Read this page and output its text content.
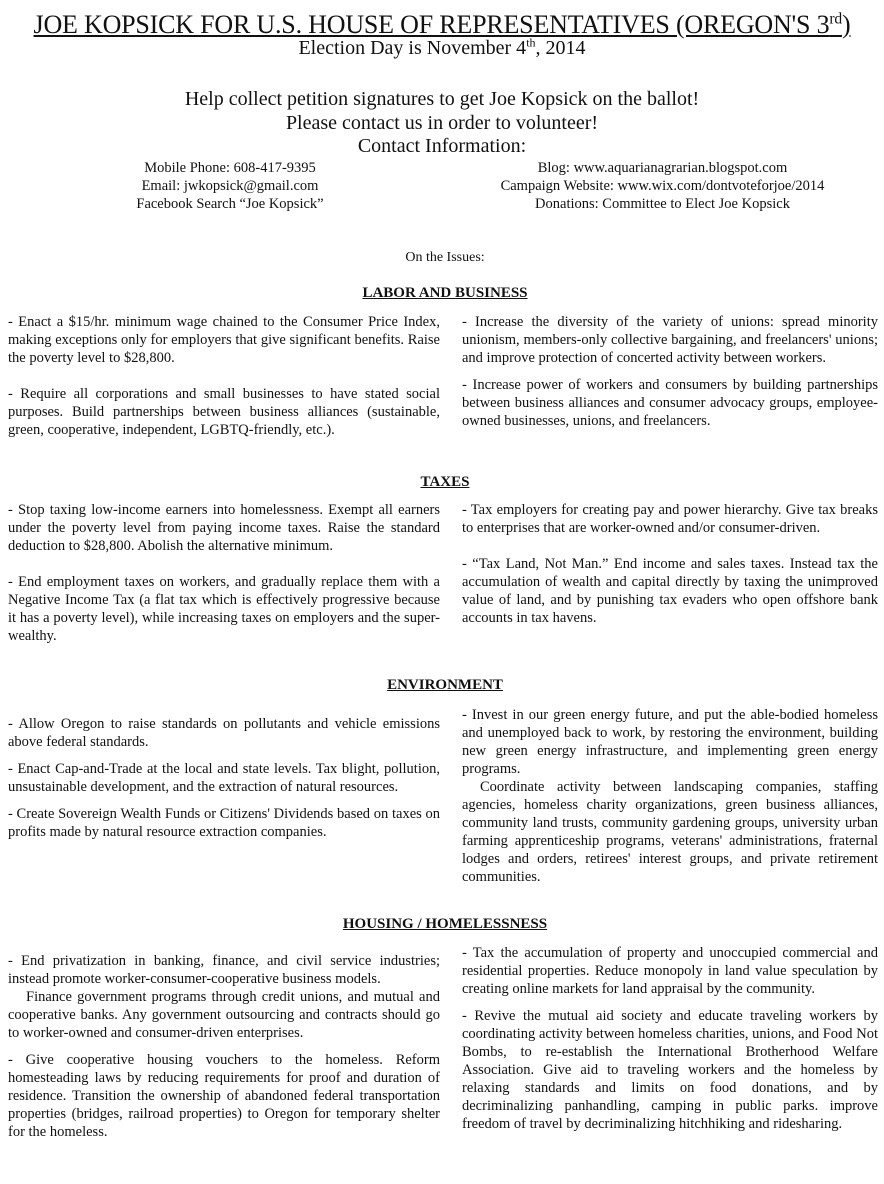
JOE KOPSICK FOR U.S. HOUSE OF REPRESENTATIVES (OREGON'S 3rd)
Election Day is November 4th, 2014
Help collect petition signatures to get Joe Kopsick on the ballot!
Please contact us in order to volunteer!
Contact Information:
Mobile Phone: 608-417-9395
Email: jwkopsick@gmail.com
Facebook Search “Joe Kopsick”
Blog: www.aquarianagrarian.blogspot.com
Campaign Website: www.wix.com/dontvoteforjoe/2014
Donations: Committee to Elect Joe Kopsick
On the Issues:
LABOR AND BUSINESS

- Enact a $15/hr. minimum wage chained to the Consumer Price Index, making exceptions only for employers that give significant benefits. Raise the poverty level to $28,800.

- Require all corporations and small businesses to have stated social purposes. Build partnerships between business alliances (sustainable, green, cooperative, independent, LGBTQ-friendly, etc.).

- Increase the diversity of the variety of unions: spread minority unionism, members-only collective bargaining, and freelancers' unions; and improve protection of concerted activity between workers.

- Increase power of workers and consumers by building partnerships between business alliances and consumer advocacy groups, employee-owned businesses, unions, and freelancers.

TAXES

- Stop taxing low-income earners into homelessness. Exempt all earners under the poverty level from paying income taxes. Raise the standard deduction to $28,800. Abolish the alternative minimum.

- End employment taxes on workers, and gradually replace them with a Negative Income Tax (a flat tax which is effectively progressive because it has a poverty level), while increasing taxes on employers and the super-wealthy.

- Tax employers for creating pay and power hierarchy. Give tax breaks to enterprises that are worker-owned and/or consumer-driven.

- “Tax Land, Not Man.” End income and sales taxes. Instead tax the accumulation of wealth and capital directly by taxing the unimproved value of land, and by punishing tax evaders who open offshore bank accounts in tax havens.

ENVIRONMENT

- Allow Oregon to raise standards on pollutants and vehicle emissions above federal standards.

- Enact Cap-and-Trade at the local and state levels. Tax blight, pollution, unsustainable development, and the extraction of natural resources.

- Create Sovereign Wealth Funds or Citizens' Dividends based on taxes on profits made by natural resource extraction companies.

- Invest in our green energy future, and put the able-bodied homeless and unemployed back to work, by restoring the environment, building new green energy infrastructure, and implementing green energy programs.

Coordinate activity between landscaping companies, staffing agencies, homeless charity organizations, green business alliances, community land trusts, community gardening groups, university urban farming apprenticeship programs, veterans' administrations, fraternal lodges and orders, retirees' interest groups, and private retirement communities.

HOUSING / HOMELESSNESS

- End privatization in banking, finance, and civil service industries; instead promote worker-consumer-cooperative business models.

Finance government programs through credit unions, and mutual and cooperative banks. Any government outsourcing and contracts should go to worker-owned and consumer-driven enterprises.

- Give cooperative housing vouchers to the homeless. Reform homesteading laws by reducing requirements for proof and duration of residence. Transition the ownership of abandoned federal transportation properties (bridges, railroad properties) to Oregon for temporary shelter for the homeless.

- Tax the accumulation of property and unoccupied commercial and residential properties. Reduce monopoly in land value speculation by creating online markets for land appraisal by the community.

- Revive the mutual aid society and educate traveling workers by coordinating activity between homeless charities, unions, and Food Not Bombs, to re-establish the International Brotherhood Welfare Association. Give aid to traveling workers and the homeless by relaxing standards and limits on food donations, and by decriminalizing panhandling, camping in public parks. improve freedom of travel by decriminalizing hitchhiking and ridesharing.
